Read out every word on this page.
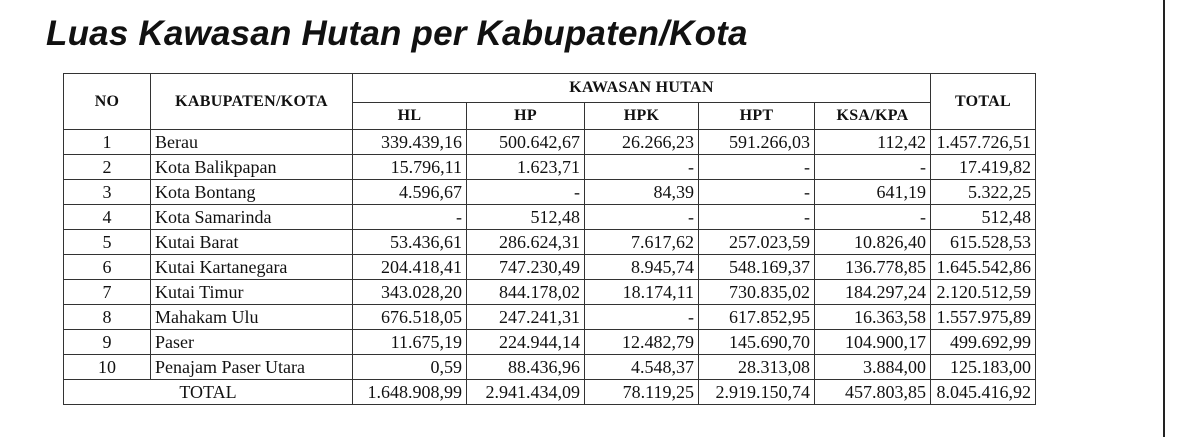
Luas Kawasan Hutan per Kabupaten/Kota
NO	KABUPATEN/KOTA	KAWASAN HUTAN					TOTAL
		HL	HP	HPK	HPT	KSA/KPA	
1	Berau	339.439,16	500.642,67	26.266,23	591.266,03	112,42	1.457.726,51
2	Kota Balikpapan	15.796,11	1.623,71	-	-	-	17.419,82
3	Kota Bontang	4.596,67	-	84,39	-	641,19	5.322,25
4	Kota Samarinda	-	512,48	-	-	-	512,48
5	Kutai Barat	53.436,61	286.624,31	7.617,62	257.023,59	10.826,40	615.528,53
6	Kutai Kartanegara	204.418,41	747.230,49	8.945,74	548.169,37	136.778,85	1.645.542,86
7	Kutai Timur	343.028,20	844.178,02	18.174,11	730.835,02	184.297,24	2.120.512,59
8	Mahakam Ulu	676.518,05	247.241,31	-	617.852,95	16.363,58	1.557.975,89
9	Paser	11.675,19	224.944,14	12.482,79	145.690,70	104.900,17	499.692,99
10	Penajam Paser Utara	0,59	88.436,96	4.548,37	28.313,08	3.884,00	125.183,00
TOTAL		1.648.908,99	2.941.434,09	78.119,25	2.919.150,74	457.803,85	8.045.416,92
